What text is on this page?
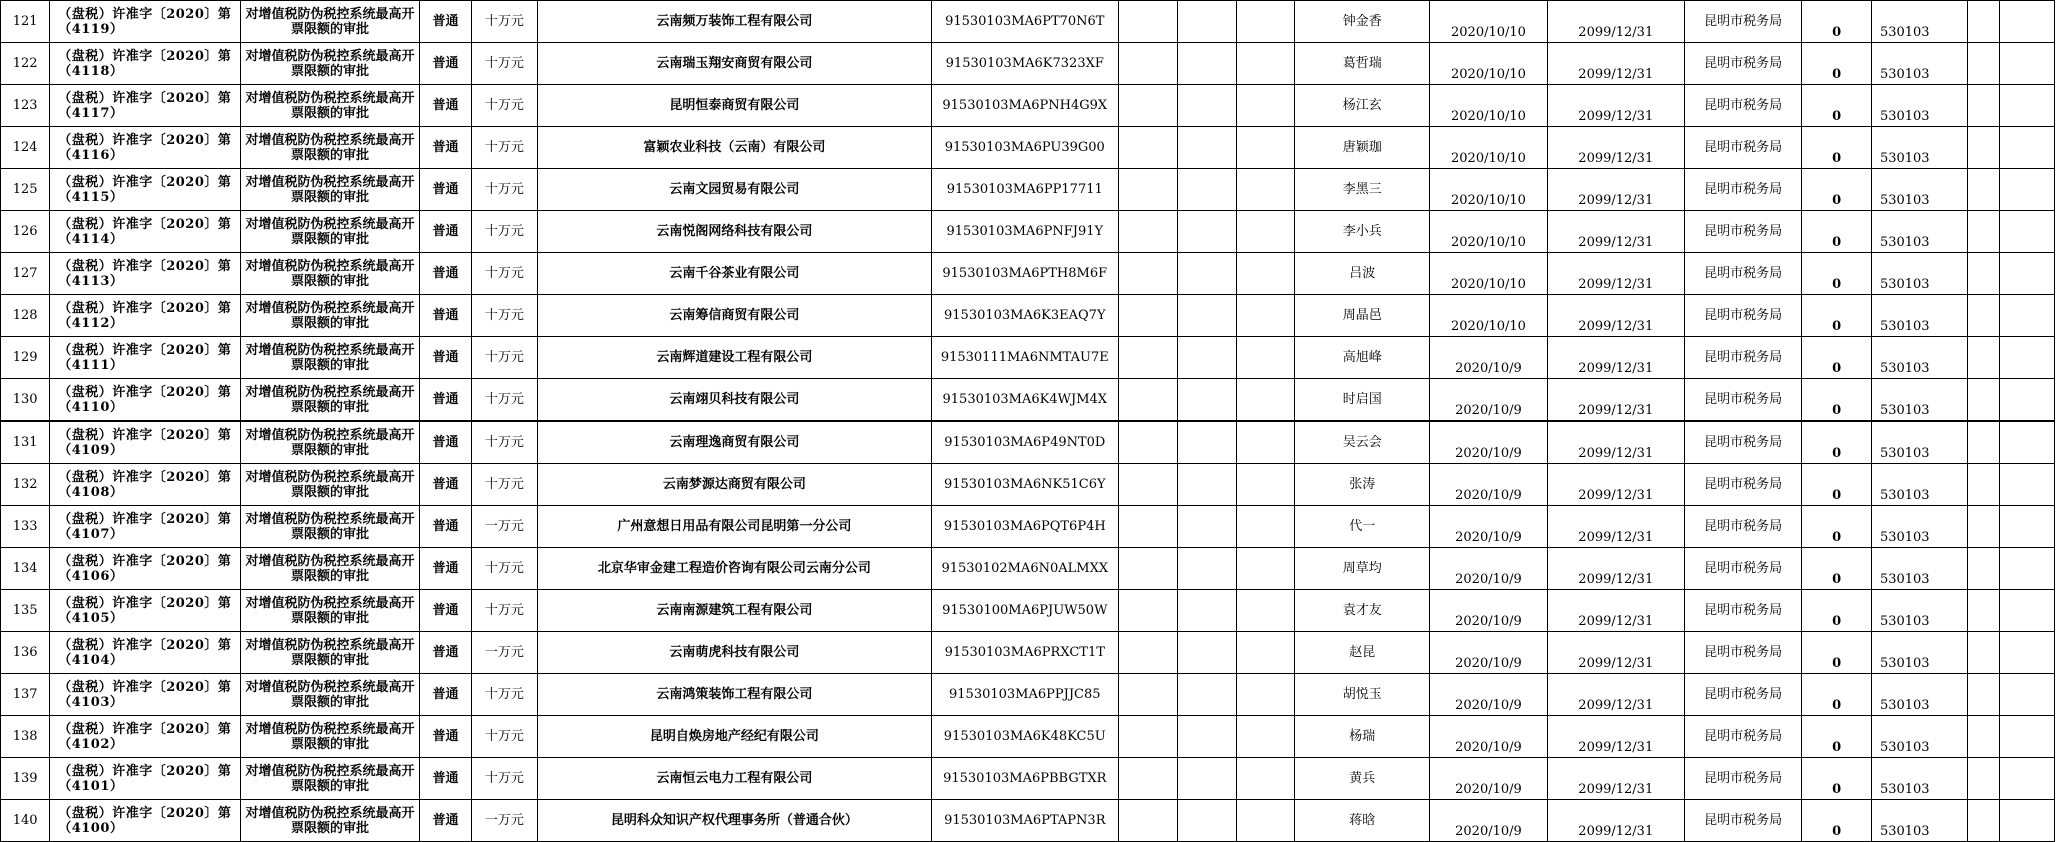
121	（盘税）许准字〔2020〕第（4119）	对增值税防伪税控系统最高开票限额的审批	普通	十万元	云南频万装饰工程有限公司	91530103MA6PT70N6T				钟金香	2020/10/10	2099/12/31	昆明市税务局	0	530103		
122	（盘税）许准字〔2020〕第（4118）	对增值税防伪税控系统最高开票限额的审批	普通	十万元	云南瑞玉翔安商贸有限公司	91530103MA6K7323XF				葛哲瑞	2020/10/10	2099/12/31	昆明市税务局	0	530103		
123	（盘税）许准字〔2020〕第（4117）	对增值税防伪税控系统最高开票限额的审批	普通	十万元	昆明恒泰商贸有限公司	91530103MA6PNH4G9X				杨江玄	2020/10/10	2099/12/31	昆明市税务局	0	530103		
124	（盘税）许准字〔2020〕第（4116）	对增值税防伪税控系统最高开票限额的审批	普通	十万元	富颖农业科技（云南）有限公司	91530103MA6PU39G00				唐颖珈	2020/10/10	2099/12/31	昆明市税务局	0	530103		
125	（盘税）许准字〔2020〕第（4115）	对增值税防伪税控系统最高开票限额的审批	普通	十万元	云南文园贸易有限公司	91530103MA6PP17711				李黑三	2020/10/10	2099/12/31	昆明市税务局	0	530103		
126	（盘税）许准字〔2020〕第（4114）	对增值税防伪税控系统最高开票限额的审批	普通	十万元	云南悦阁网络科技有限公司	91530103MA6PNFJ91Y				李小兵	2020/10/10	2099/12/31	昆明市税务局	0	530103		
127	（盘税）许准字〔2020〕第（4113）	对增值税防伪税控系统最高开票限额的审批	普通	十万元	云南千谷茶业有限公司	91530103MA6PTH8M6F				吕波	2020/10/10	2099/12/31	昆明市税务局	0	530103		
128	（盘税）许准字〔2020〕第（4112）	对增值税防伪税控系统最高开票限额的审批	普通	十万元	云南筹信商贸有限公司	91530103MA6K3EAQ7Y				周晶邑	2020/10/10	2099/12/31	昆明市税务局	0	530103		
129	（盘税）许准字〔2020〕第（4111）	对增值税防伪税控系统最高开票限额的审批	普通	十万元	云南辉道建设工程有限公司	91530111MA6NMTAU7E				高旭峰	2020/10/9	2099/12/31	昆明市税务局	0	530103		
130	（盘税）许准字〔2020〕第（4110）	对增值税防伪税控系统最高开票限额的审批	普通	十万元	云南翊贝科技有限公司	91530103MA6K4WJM4X				时启国	2020/10/9	2099/12/31	昆明市税务局	0	530103		
131	（盘税）许准字〔2020〕第（4109）	对增值税防伪税控系统最高开票限额的审批	普通	十万元	云南理逸商贸有限公司	91530103MA6P49NT0D				吴云会	2020/10/9	2099/12/31	昆明市税务局	0	530103		
132	（盘税）许准字〔2020〕第（4108）	对增值税防伪税控系统最高开票限额的审批	普通	十万元	云南梦源达商贸有限公司	91530103MA6NK51C6Y				张涛	2020/10/9	2099/12/31	昆明市税务局	0	530103		
133	（盘税）许准字〔2020〕第（4107）	对增值税防伪税控系统最高开票限额的审批	普通	一万元	广州意想日用品有限公司昆明第一分公司	91530103MA6PQT6P4H				代一	2020/10/9	2099/12/31	昆明市税务局	0	530103		
134	（盘税）许准字〔2020〕第（4106）	对增值税防伪税控系统最高开票限额的审批	普通	十万元	北京华审金建工程造价咨询有限公司云南分公司	91530102MA6N0ALMXX				周草均	2020/10/9	2099/12/31	昆明市税务局	0	530103		
135	（盘税）许准字〔2020〕第（4105）	对增值税防伪税控系统最高开票限额的审批	普通	十万元	云南南源建筑工程有限公司	91530100MA6PJUW50W				袁才友	2020/10/9	2099/12/31	昆明市税务局	0	530103		
136	（盘税）许准字〔2020〕第（4104）	对增值税防伪税控系统最高开票限额的审批	普通	一万元	云南萌虎科技有限公司	91530103MA6PRXCT1T				赵昆	2020/10/9	2099/12/31	昆明市税务局	0	530103		
137	（盘税）许准字〔2020〕第（4103）	对增值税防伪税控系统最高开票限额的审批	普通	十万元	云南鸿策装饰工程有限公司	91530103MA6PPJJC85				胡悦玉	2020/10/9	2099/12/31	昆明市税务局	0	530103		
138	（盘税）许准字〔2020〕第（4102）	对增值税防伪税控系统最高开票限额的审批	普通	十万元	昆明自焕房地产经纪有限公司	91530103MA6K48KC5U				杨瑞	2020/10/9	2099/12/31	昆明市税务局	0	530103		
139	（盘税）许准字〔2020〕第（4101）	对增值税防伪税控系统最高开票限额的审批	普通	十万元	云南恒云电力工程有限公司	91530103MA6PBBGTXR				黄兵	2020/10/9	2099/12/31	昆明市税务局	0	530103		
140	（盘税）许准字〔2020〕第（4100）	对增值税防伪税控系统最高开票限额的审批	普通	一万元	昆明科众知识产权代理事务所（普通合伙）	91530103MA6PTAPN3R				蒋晗	2020/10/9	2099/12/31	昆明市税务局	0	530103		
